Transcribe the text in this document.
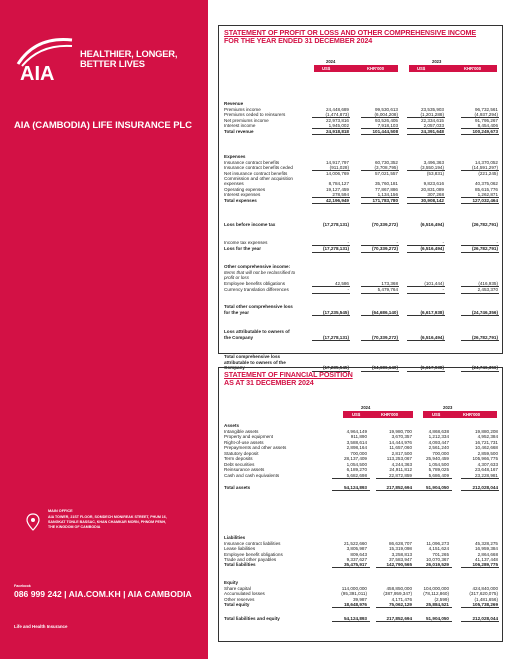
AIA
HEALTHIER, LONGER,
BETTER LIVES
AIA (CAMBODIA) LIFE INSURANCE PLC
MAIN OFFICE
AIA TOWER, 21ST FLOOR, SOMDECH MONIREAK STREET, PHUM 16,
SANGKAT TONLE BASSAC, KHAN CHAMKAR MORN, PHNOM PENH,
THE KINGDOM OF CAMBODIA
Facebook
086 999 242 | AIA.COM.KH | AIA CAMBODIA
Life and Health Insurance
STATEMENT OF PROFIT OR LOSS AND OTHER COMPREHENSIVE INCOME
FOR THE YEAR ENDED 31 DECEMBER 2024
2024	2023
US$	KHR'000	US$	KHR'000
Revenue
Premiums income	24,448,689	99,530,613	23,535,903	96,732,561
Premiums ceded to reinsurers	(1,474,873)	(6,004,208)	(1,201,288)	(4,937,294)
Net premiums income	22,973,816	93,526,405	22,334,615	91,795,267
Interest income	1,945,002	7,918,103	2,057,033	8,454,406
Total revenue	24,918,818	101,444,508	24,391,648	100,249,673
Expenses
Insurance contract benefits	14,917,797	60,730,352	3,496,363	14,370,052
Insurance contract benefits ceded	(911,028)	(3,708,795)	(3,550,194)	(14,591,297)
Net insurance contract benefits	14,006,769	57,021,557	(53,831)	(221,245)
Commission and other acquisition
expenses	8,784,127	35,760,181	9,823,616	40,375,062
Operating expenses	19,127,459	77,867,886	20,831,089	85,615,776
Interest expenses	278,594	1,134,156	307,268	1,262,871
Total expenses	42,196,949	171,783,780	30,908,142	127,032,464
Loss before income tax	(17,278,131)	(70,339,272)	(6,516,494)	(26,782,791)
Income tax expenses	-	-	-	-
Loss for the year	(17,278,131)	(70,339,272)	(6,516,494)	(26,782,791)
Other comprehensive income:
Items that will not be reclassified to
profit or loss
Employee benefits obligations	42,586	173,368	(101,444)	(416,935)
Currency translation differences	-	5,479,764	-	2,453,370
Total other comprehensive loss
for the year	(17,235,545)	(64,686,140)	(6,617,938)	(24,746,356)
Loss attributable to owners of
the Company	(17,278,131)	(70,339,272)	(6,516,494)	(26,782,791)
Total comprehensive loss
attributable to owners of the
Company	(17,235,545)	(64,686,140)	(6,617,938)	(24,746,356)
STATEMENT OF FINANCIAL POSITION
AS AT 31 DECEMBER 2024
2024	2023
US$	KHR'000	US$	KHR'000
Assets
Intangible assets	4,964,149	19,980,700	4,868,638	19,880,208
Property and equipment	911,890	3,670,357	1,212,334	4,952,384
Right-of-use assets	3,588,614	14,444,976	4,093,447	16,721,731
Prepayments and other assets	2,898,164	11,657,060	2,561,240	10,462,668
Statutory deposit	700,000	2,817,500	700,000	2,859,500
Term deposits	28,137,409	113,253,067	25,940,459	105,966,775
Debt securities	1,054,500	4,244,363	1,054,500	4,307,633
Reinsurance assets	6,189,270	24,911,812	5,789,025	23,648,167
Cash and cash equivalents	5,682,698	22,872,859	5,686,409	23,228,981
Total assets	54,124,893	217,852,694	51,904,050	212,028,044
Liabilities
Insurance contract liabilities	21,522,660	86,628,707	11,096,273	45,328,275
Lease liabilities	3,805,987	15,319,098	4,151,624	16,959,384
Employee benefit obligations	809,643	3,258,813	701,265	2,864,668
Trade and other payables	9,337,627	37,583,947	10,070,367	41,137,448
Total liabilities	35,475,917	142,790,565	26,019,529	106,289,775
Equity
Share capital	114,000,000	458,850,000	104,000,000	424,840,000
Accumulated losses	(95,391,011)	(387,959,347)	(78,112,860)	(317,620,075)
Other reserves	39,987	4,171,476	(2,599)	(1,481,656)
Total equity	18,648,976	75,062,129	25,884,521	105,738,269
Total liabilities and equity	54,124,893	217,852,694	51,904,050	212,028,044
